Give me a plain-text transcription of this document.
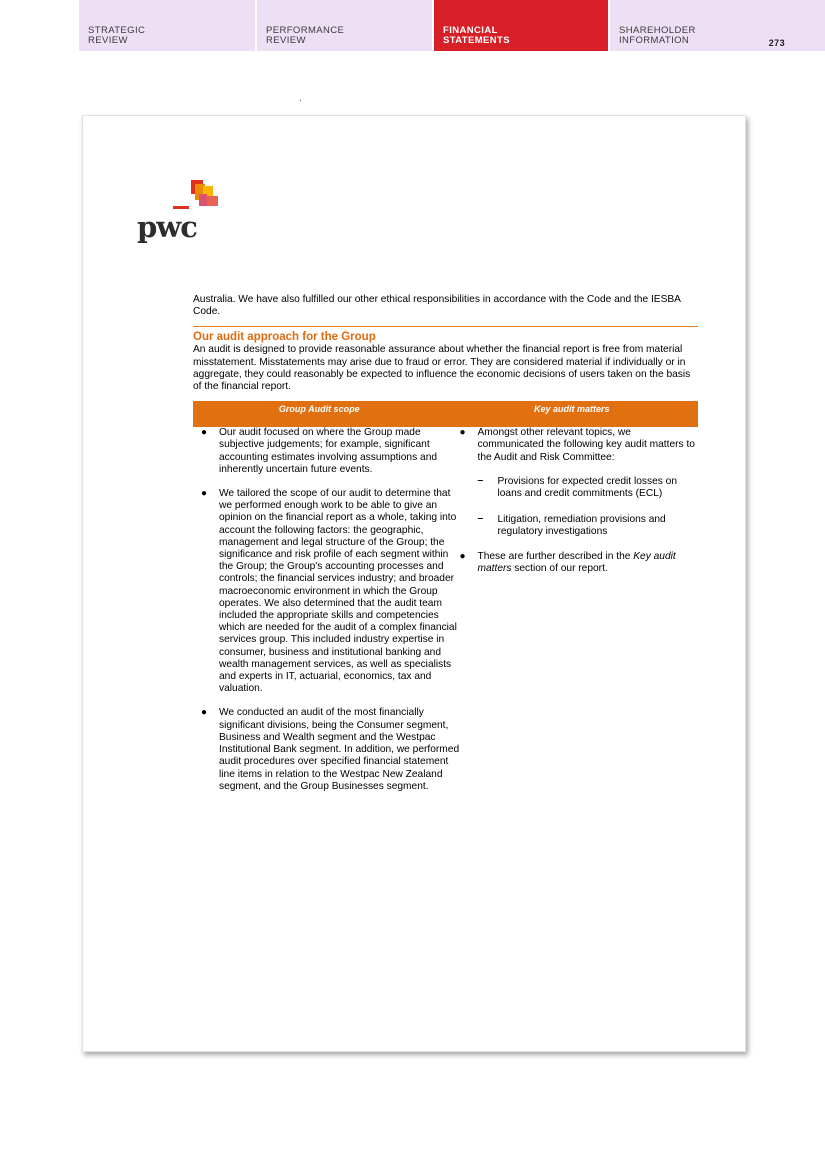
STRATEGIC
REVIEW
PERFORMANCE
REVIEW
FINANCIAL
STATEMENTS
SHAREHOLDER
INFORMATION	273
pwc

Australia. We have also fulfilled our other ethical responsibilities in accordance with the Code and the IESBA Code.

Our audit approach for the Group

An audit is designed to provide reasonable assurance about whether the financial report is free from material misstatement. Misstatements may arise due to fraud or error. They are considered material if individually or in aggregate, they could reasonably be expected to influence the economic decisions of users taken on the basis of the financial report.

Group Audit scope	Key audit matters
● Our audit focused on where the Group made subjective judgements; for example, significant accounting estimates involving assumptions and inherently uncertain future events.
● We tailored the scope of our audit to determine that we performed enough work to be able to give an opinion on the financial report as a whole, taking into account the following factors: the geographic, management and legal structure of the Group; the significance and risk profile of each segment within the Group; the Group's accounting processes and controls; the financial services industry; and broader macroeconomic environment in which the Group operates. We also determined that the audit team included the appropriate skills and competencies which are needed for the audit of a complex financial services group. This included industry expertise in consumer, business and institutional banking and wealth management services, as well as specialists and experts in IT, actuarial, economics, tax and valuation.
● We conducted an audit of the most financially significant divisions, being the Consumer segment, Business and Wealth segment and the Westpac Institutional Bank segment. In addition, we performed audit procedures over specified financial statement line items in relation to the Westpac New Zealand segment, and the Group Businesses segment.
● Amongst other relevant topics, we communicated the following key audit matters to the Audit and Risk Committee:
– Provisions for expected credit losses on loans and credit commitments (ECL)
– Litigation, remediation provisions and regulatory investigations
● These are further described in the Key audit matters section of our report.
